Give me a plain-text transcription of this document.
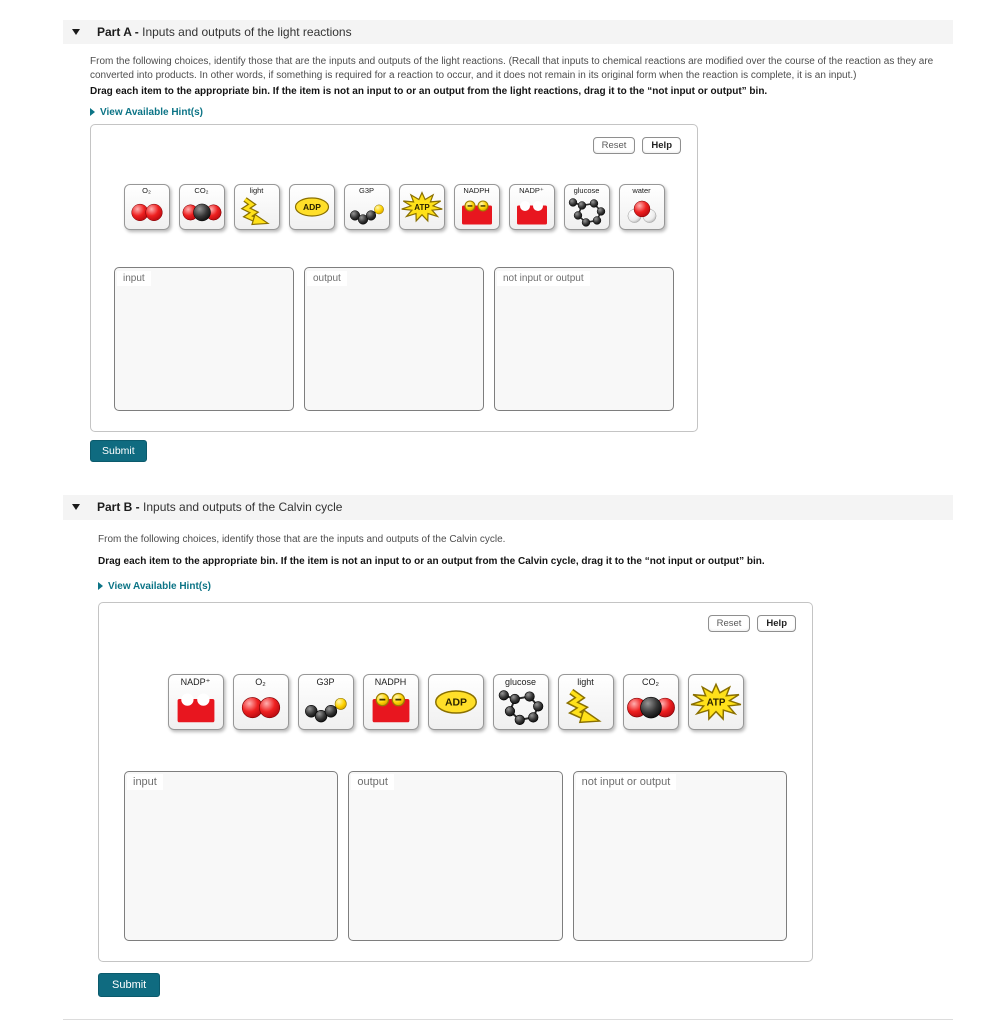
Part A - Inputs and outputs of the light reactions

From the following choices, identify those that are the inputs and outputs of the light reactions. (Recall that inputs to chemical reactions are modified over the course of the reaction as they are converted into products. In other words, if something is required for a reaction to occur, and it does not remain in its original form when the reaction is complete, it is an input.)

Drag each item to the appropriate bin. If the item is not an input to or an output from the light reactions, drag it to the “not input or output” bin.

View Available Hint(s)
Reset	Help
O₂	CO₂	light
ADP
G3P
ATP
NADPH	NADP⁺	glucose	water
input	output	not input or output
Submit
Part B - Inputs and outputs of the Calvin cycle

From the following choices, identify those that are the inputs and outputs of the Calvin cycle.

Drag each item to the appropriate bin. If the item is not an input to or an output from the Calvin cycle, drag it to the “not input or output” bin.

View Available Hint(s)
Reset	Help
NADP⁺	O₂	G3P	NADPH
ADP
glucose	light	CO₂
ATP
input	output	not input or output
Submit
